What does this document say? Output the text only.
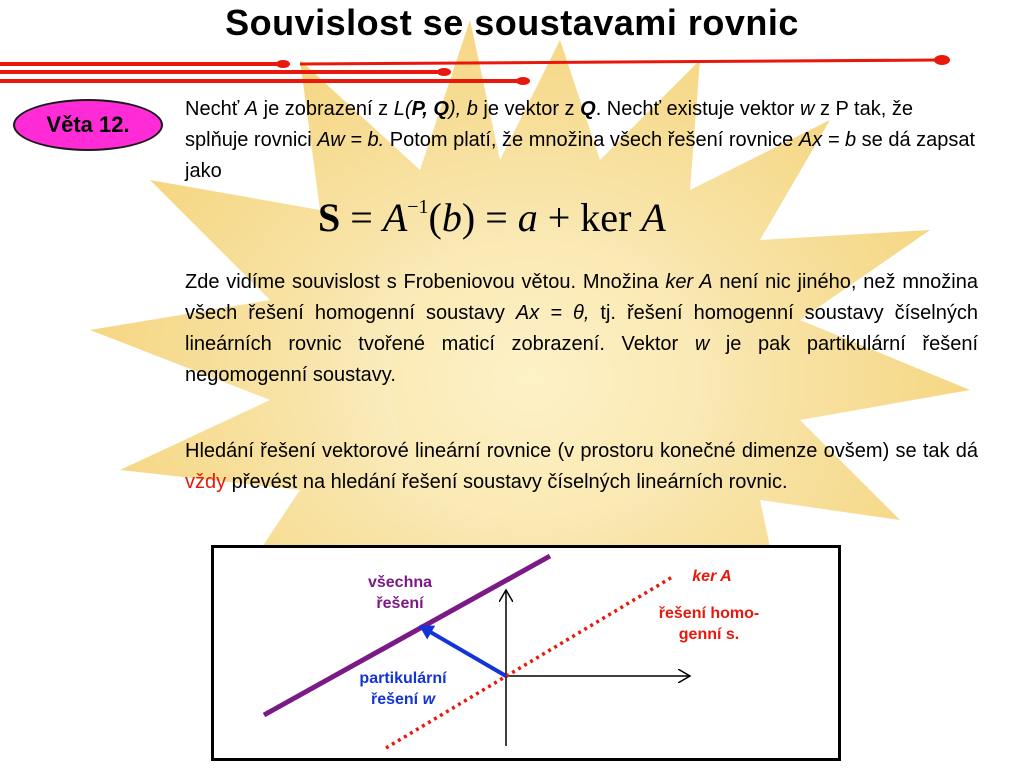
Souvislost se soustavami rovnic
Věta 12.
Nechť A je zobrazení z L(P, Q), b je vektor z Q. Nechť existuje vektor w z P tak, že splňuje rovnici Aw = b. Potom platí, že množina všech řešení rovnice Ax = b se dá zapsat jako
$S = A^{-1}(b) = a$ + ker A
Zde vidíme souvislost s Frobeniovou větou. Množina ker A není nic jiného, než množina všech řešení homogenní soustavy Ax = θ, tj. řešení homogenní soustavy číselných lineárních rovnic tvořené maticí zobrazení. Vektor w je pak partikulární řešení negomogenní soustavy.
Hledání řešení vektorové lineární rovnice (v prostoru konečné dimenze ovšem) se tak dá vždy převést na hledání řešení soustavy číselných lineárních rovnic.
všechna
řešení
ker A
řešení homo-
genní s.
partikulární
řešení w
